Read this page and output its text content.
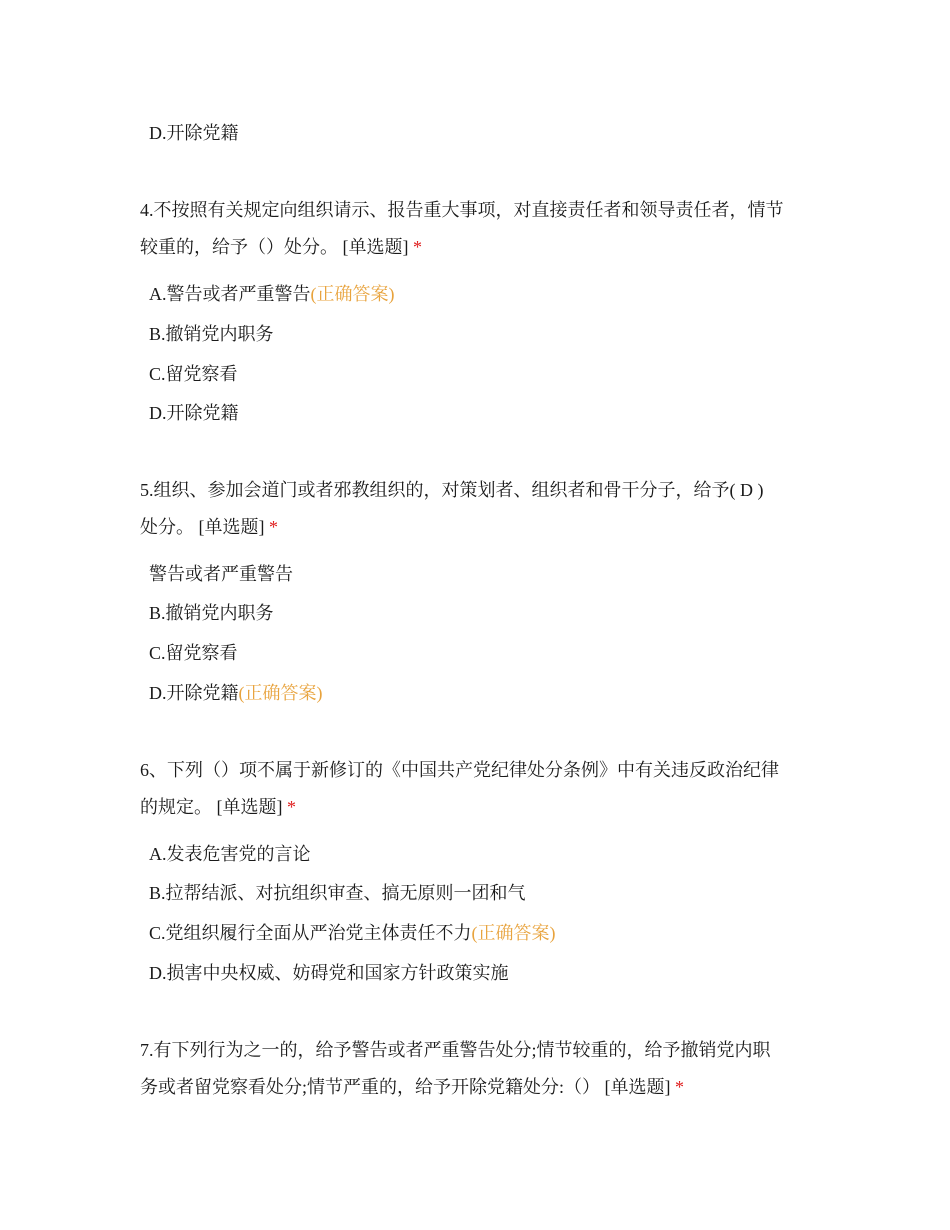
D.开除党籍
4.不按照有关规定向组织请示、报告重大事项，对直接责任者和领导责任者，情节
较重的，给予（）处分。 [单选题] *
A.警告或者严重警告(正确答案)
B.撤销党内职务
C.留党察看
D.开除党籍
5.组织、参加会道门或者邪教组织的，对策划者、组织者和骨干分子，给予( D )
处分。 [单选题] *
警告或者严重警告
B.撤销党内职务
C.留党察看
D.开除党籍(正确答案)
6、下列（）项不属于新修订的《中国共产党纪律处分条例》中有关违反政治纪律
的规定。 [单选题] *
A.发表危害党的言论
B.拉帮结派、对抗组织审查、搞无原则一团和气
C.党组织履行全面从严治党主体责任不力(正确答案)
D.损害中央权威、妨碍党和国家方针政策实施
7.有下列行为之一的，给予警告或者严重警告处分;情节较重的，给予撤销党内职
务或者留党察看处分;情节严重的，给予开除党籍处分:（） [单选题] *
